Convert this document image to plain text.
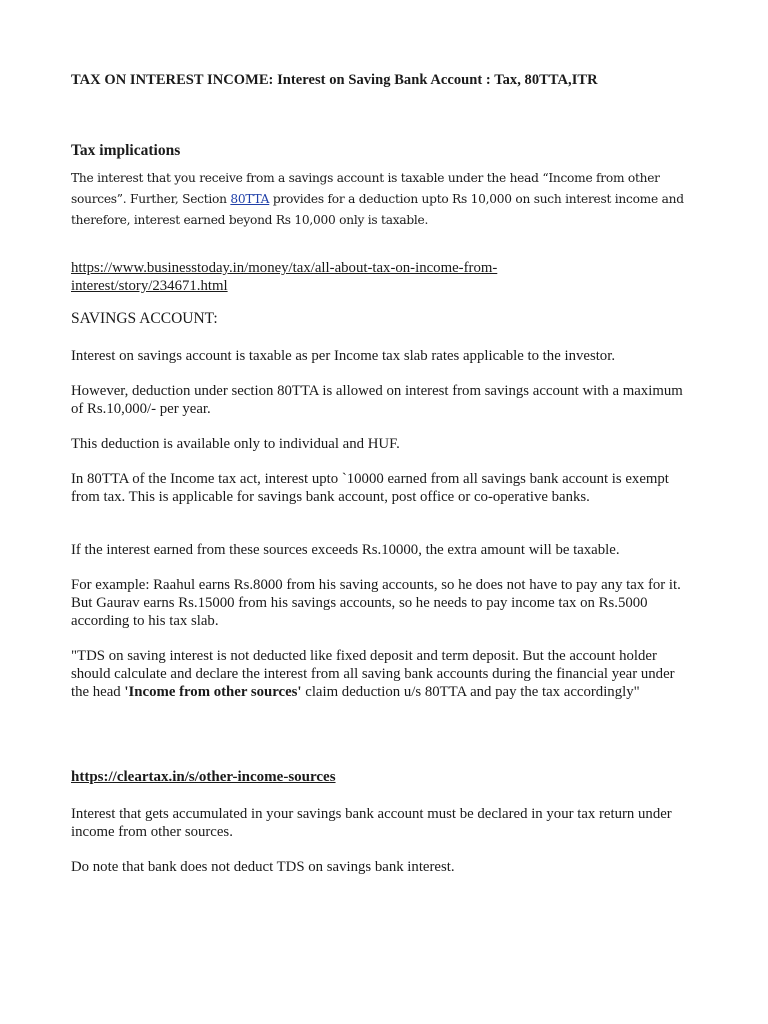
TAX ON INTEREST INCOME: Interest on Saving Bank Account : Tax, 80TTA,ITR
Tax implications
The interest that you receive from a savings account is taxable under the head “Income from other sources”. Further, Section 80TTA provides for a deduction upto Rs 10,000 on such interest income and therefore, interest earned beyond Rs 10,000 only is taxable.
https://www.businesstoday.in/money/tax/all-about-tax-on-income-from-
interest/story/234671.html
SAVINGS ACCOUNT:
Interest on savings account is taxable as per Income tax slab rates applicable to the investor.
However, deduction under section 80TTA is allowed on interest from savings account with a maximum of Rs.10,000/- per year.
This deduction is available only to individual and HUF.
In 80TTA of the Income tax act, interest upto `10000 earned from all savings bank account is exempt from tax. This is applicable for savings bank account, post office or co-operative banks.
If the interest earned from these sources exceeds Rs.10000, the extra amount will be taxable.
For example: Raahul earns Rs.8000 from his saving accounts, so he does not have to pay any tax for it. But Gaurav earns Rs.15000 from his savings accounts, so he needs to pay income tax on Rs.5000 according to his tax slab.
"TDS on saving interest is not deducted like fixed deposit and term deposit. But the account holder should calculate and declare the interest from all saving bank accounts during the financial year under the head 'Income from other sources' claim deduction u/s 80TTA and pay the tax accordingly"
https://cleartax.in/s/other-income-sources
Interest that gets accumulated in your savings bank account must be declared in your tax return under income from other sources.
Do note that bank does not deduct TDS on savings bank interest.
